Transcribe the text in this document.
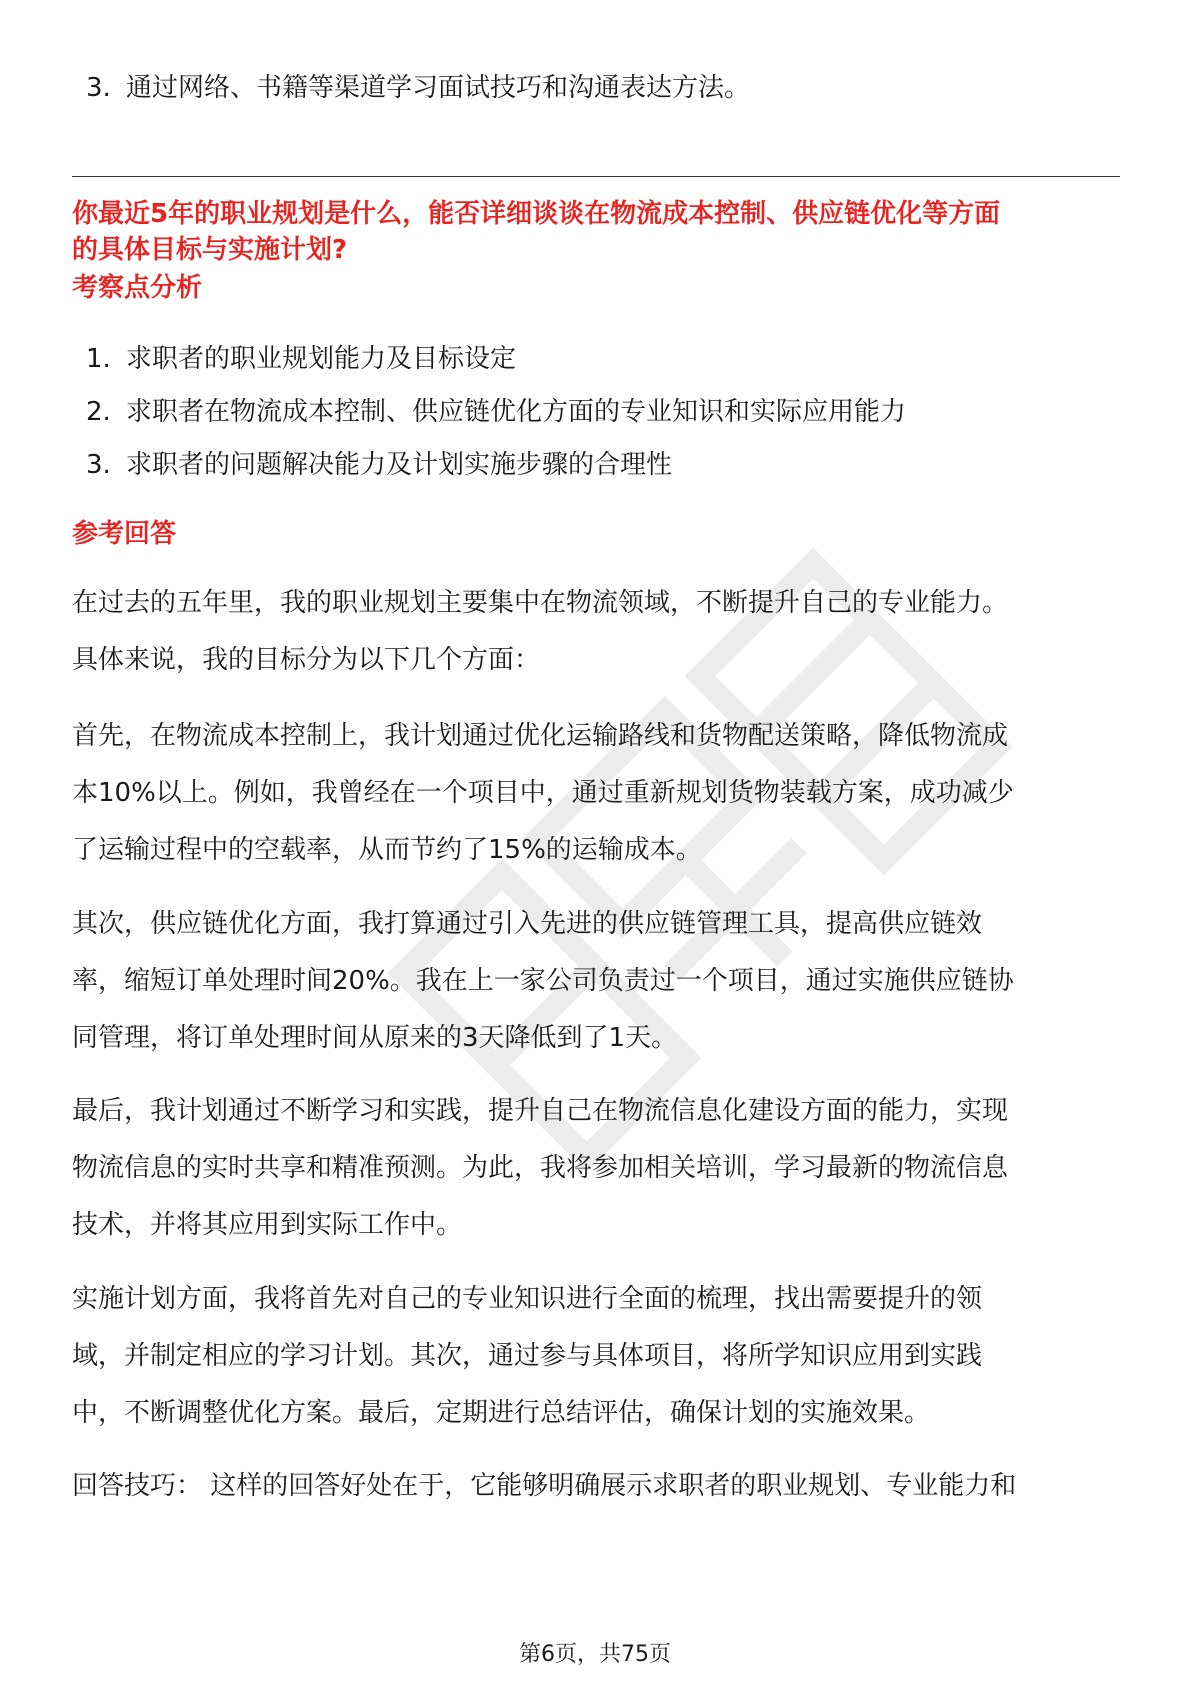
3. 通过网络、书籍等渠道学习面试技巧和沟通表达方法。
你最近5年的职业规划是什么，能否详细谈谈在物流成本控制、供应链优化等方面
的具体目标与实施计划?
考察点分析
1. 求职者的职业规划能力及目标设定
2. 求职者在物流成本控制、供应链优化方面的专业知识和实际应用能力
3. 求职者的问题解决能力及计划实施步骤的合理性
参考回答

在过去的五年里，我的职业规划主要集中在物流领域，不断提升自己的专业能力。
具体来说，我的目标分为以下几个方面：

首先，在物流成本控制上，我计划通过优化运输路线和货物配送策略，降低物流成
本10%以上。例如，我曾经在一个项目中，通过重新规划货物装载方案，成功减少
了运输过程中的空载率，从而节约了15%的运输成本。

其次，供应链优化方面，我打算通过引入先进的供应链管理工具，提高供应链效
率，缩短订单处理时间20%。我在上一家公司负责过一个项目，通过实施供应链协
同管理，将订单处理时间从原来的3天降低到了1天。

最后，我计划通过不断学习和实践，提升自己在物流信息化建设方面的能力，实现
物流信息的实时共享和精准预测。为此，我将参加相关培训，学习最新的物流信息
技术，并将其应用到实际工作中。

实施计划方面，我将首先对自己的专业知识进行全面的梳理，找出需要提升的领
域，并制定相应的学习计划。其次，通过参与具体项目，将所学知识应用到实践
中，不断调整优化方案。最后，定期进行总结评估，确保计划的实施效果。

回答技巧： 这样的回答好处在于，它能够明确展示求职者的职业规划、专业能力和

第6页，共75页
